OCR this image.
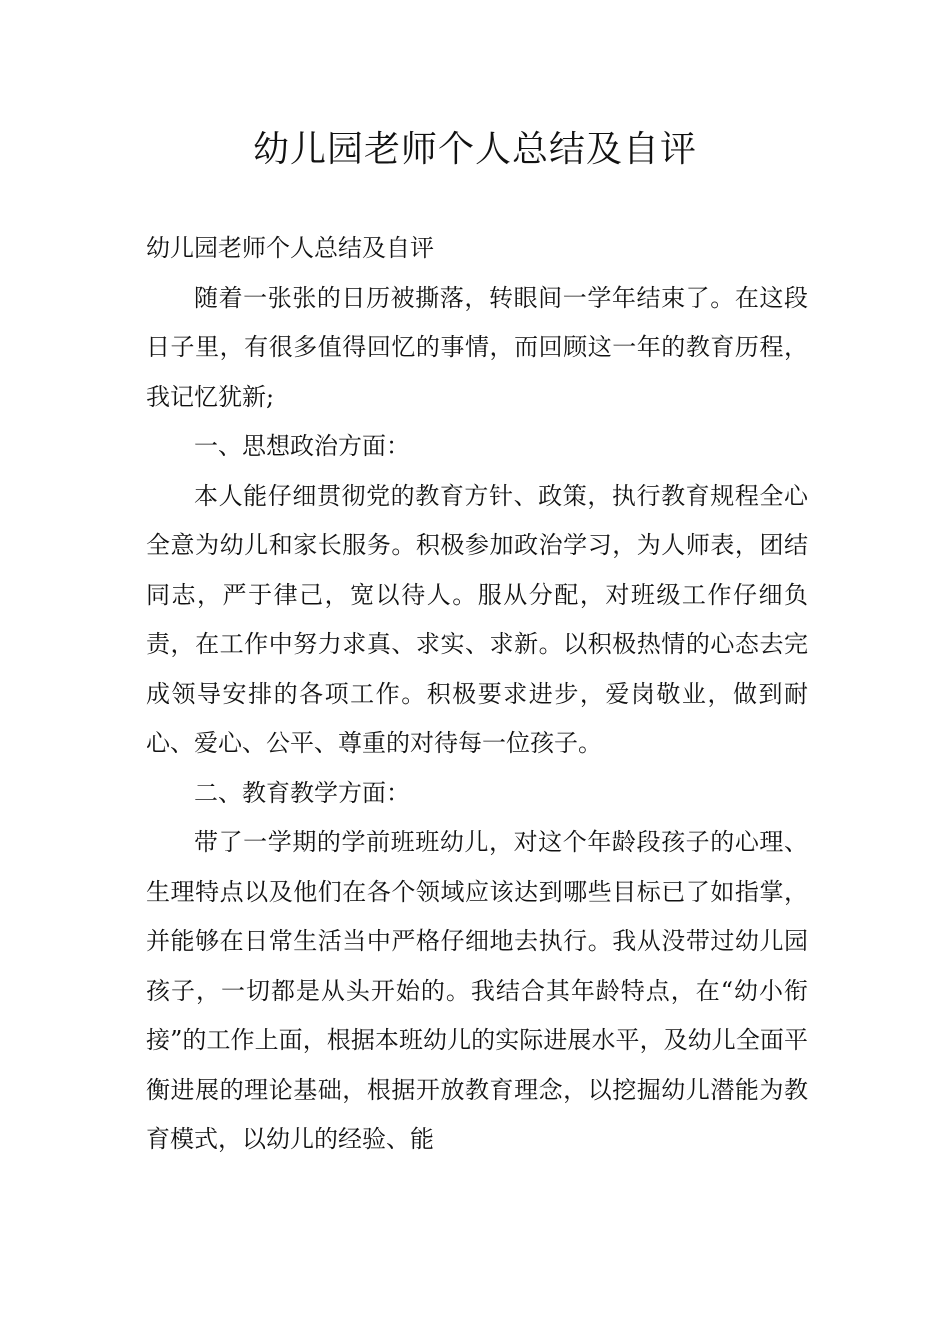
幼儿园老师个人总结及自评

幼儿园老师个人总结及自评

随着一张张的日历被撕落，转眼间一学年结束了。在这段日子里，有很多值得回忆的事情，而回顾这一年的教育历程，我记忆犹新;

一、思想政治方面：

本人能仔细贯彻党的教育方针、政策，执行教育规程全心全意为幼儿和家长服务。积极参加政治学习，为人师表，团结同志，严于律己，宽以待人。服从分配，对班级工作仔细负责，在工作中努力求真、求实、求新。以积极热情的心态去完成领导安排的各项工作。积极要求进步，爱岗敬业，做到耐心、爱心、公平、尊重的对待每一位孩子。

二、教育教学方面：

带了一学期的学前班班幼儿，对这个年龄段孩子的心理、生理特点以及他们在各个领域应该达到哪些目标已了如指掌，并能够在日常生活当中严格仔细地去执行。我从没带过幼儿园孩子，一切都是从头开始的。我结合其年龄特点，在“幼小衔接”的工作上面，根据本班幼儿的实际进展水平，及幼儿全面平衡进展的理论基础，根据开放教育理念，以挖掘幼儿潜能为教育模式，以幼儿的经验、能
